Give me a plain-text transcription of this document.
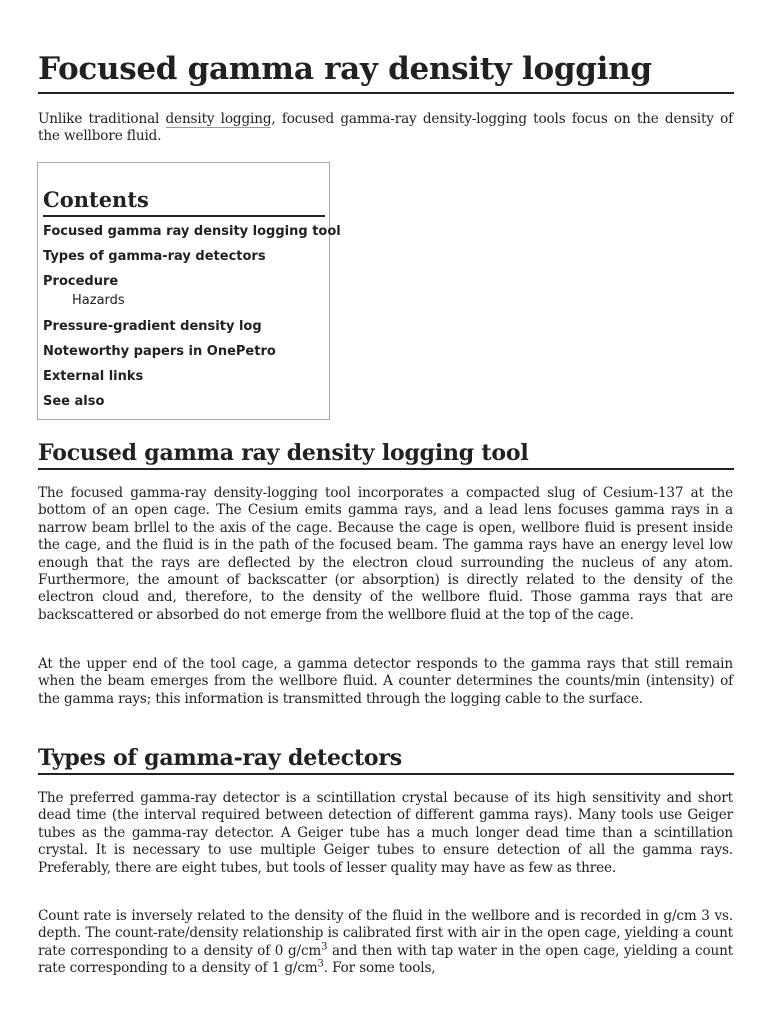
Focused gamma ray density logging

Unlike traditional density logging, focused gamma-ray density-logging tools focus on the density of the wellbore fluid.

Contents
Focused gamma ray density logging tool
Types of gamma-ray detectors
Procedure
Hazards
Pressure-gradient density log
Noteworthy papers in OnePetro
External links
See also
Focused gamma ray density logging tool

The focused gamma-ray density-logging tool incorporates a compacted slug of Cesium-137 at the bottom of an open cage. The Cesium emits gamma rays, and a lead lens focuses gamma rays in a narrow beam brllel to the axis of the cage. Because the cage is open, wellbore fluid is present inside the cage, and the fluid is in the path of the focused beam. The gamma rays have an energy level low enough that the rays are deflected by the electron cloud surrounding the nucleus of any atom. Furthermore, the amount of backscatter (or absorption) is directly related to the density of the electron cloud and, therefore, to the density of the wellbore fluid. Those gamma rays that are backscattered or absorbed do not emerge from the wellbore fluid at the top of the cage.

At the upper end of the tool cage, a gamma detector responds to the gamma rays that still remain when the beam emerges from the wellbore fluid. A counter determines the counts/min (intensity) of the gamma rays; this information is transmitted through the logging cable to the surface.

Types of gamma-ray detectors

The preferred gamma-ray detector is a scintillation crystal because of its high sensitivity and short dead time (the interval required between detection of different gamma rays). Many tools use Geiger tubes as the gamma-ray detector. A Geiger tube has a much longer dead time than a scintillation crystal. It is necessary to use multiple Geiger tubes to ensure detection of all the gamma rays. Preferably, there are eight tubes, but tools of lesser quality may have as few as three.

Count rate is inversely related to the density of the fluid in the wellbore and is recorded in g/cm 3 vs. depth. The count-rate/density relationship is calibrated first with air in the open cage, yielding a count rate corresponding to a density of 0 $g/cm^3$ and then with tap water in the open cage, yielding a count rate corresponding to a density of 1 $g/cm^3$. For some tools,
